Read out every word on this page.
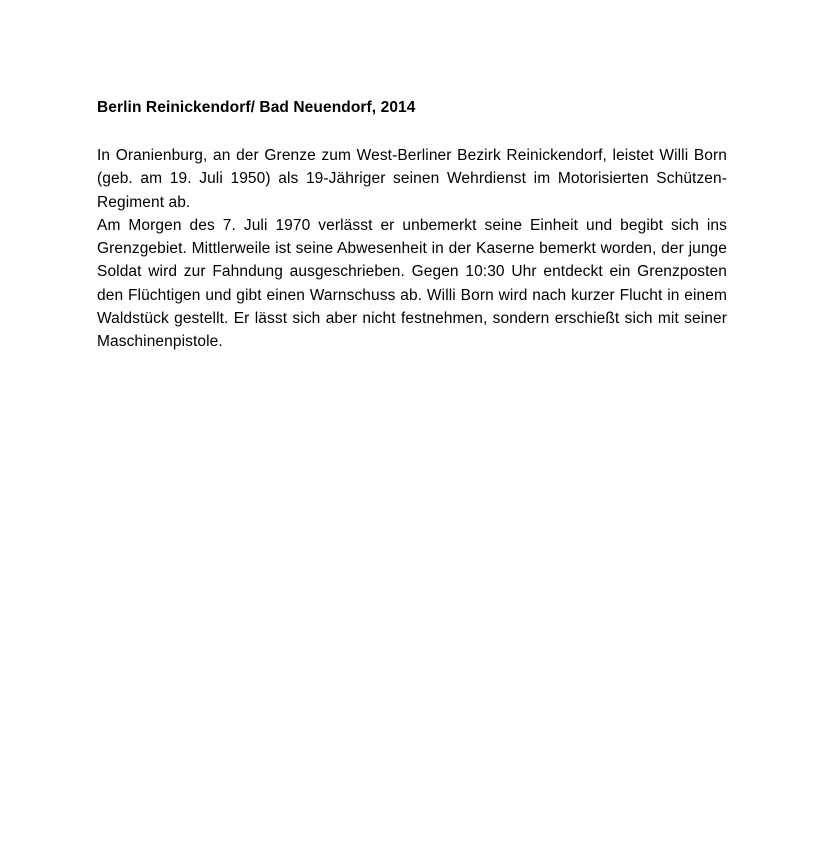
Berlin Reinickendorf/ Bad Neuendorf, 2014

In Oranienburg, an der Grenze zum West-Berliner Bezirk Reinickendorf, leistet Willi Born (geb. am 19. Juli 1950) als 19-Jähriger seinen Wehrdienst im Motorisierten Schützen-Regiment ab.

Am Morgen des 7. Juli 1970 verlässt er unbemerkt seine Einheit und begibt sich ins Grenzgebiet. Mittlerweile ist seine Abwesenheit in der Kaserne bemerkt worden, der junge Soldat wird zur Fahndung ausgeschrieben. Gegen 10:30 Uhr entdeckt ein Grenzposten den Flüchtigen und gibt einen Warnschuss ab. Willi Born wird nach kurzer Flucht in einem Waldstück gestellt. Er lässt sich aber nicht festnehmen, sondern erschießt sich mit seiner Maschinenpistole.
